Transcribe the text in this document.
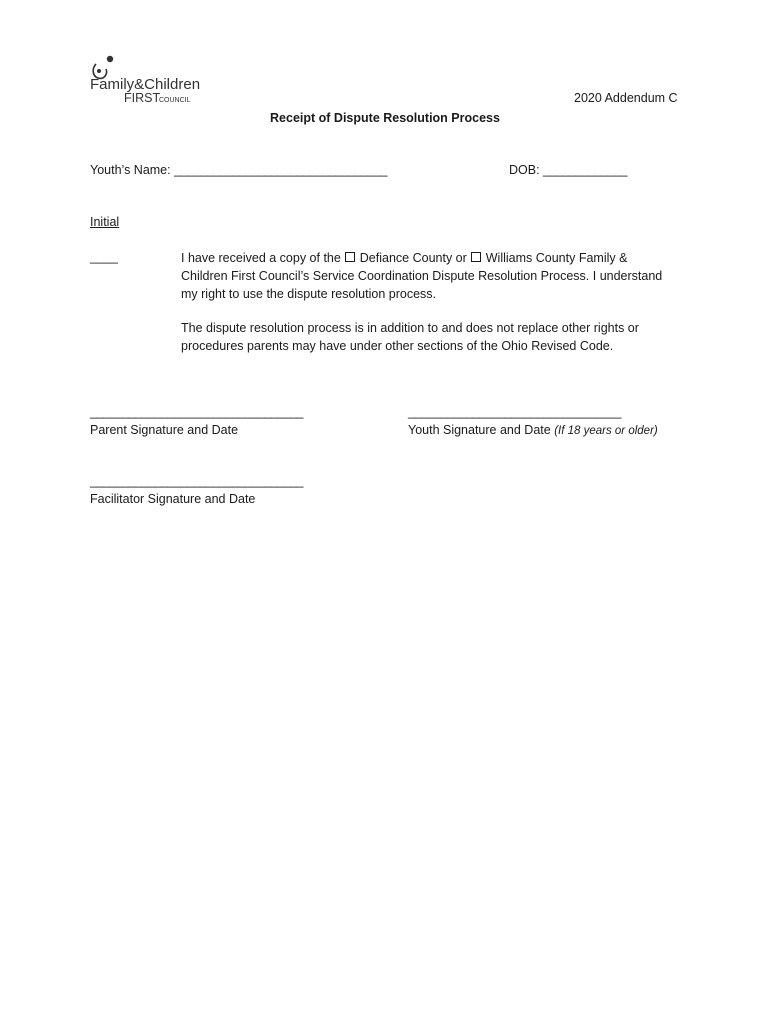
Family&Children
FIRST
COUNCIL	2020 Addendum C
Receipt of Dispute Resolution Process
Youth’s Name: _________________________________	DOB: _____________
Initial
____	I have received a copy of the  Defiance County or  Williams County Family &
Children First Council’s Service Coordination Dispute Resolution Process. I understand
my right to use the dispute resolution process.
The dispute resolution process is in addition to and does not replace other rights or
procedures parents may have under other sections of the Ohio Revised Code.
_________________________________
Parent Signature and Date
_________________________________
Youth Signature and Date (If 18 years or older)
_________________________________
Facilitator Signature and Date
